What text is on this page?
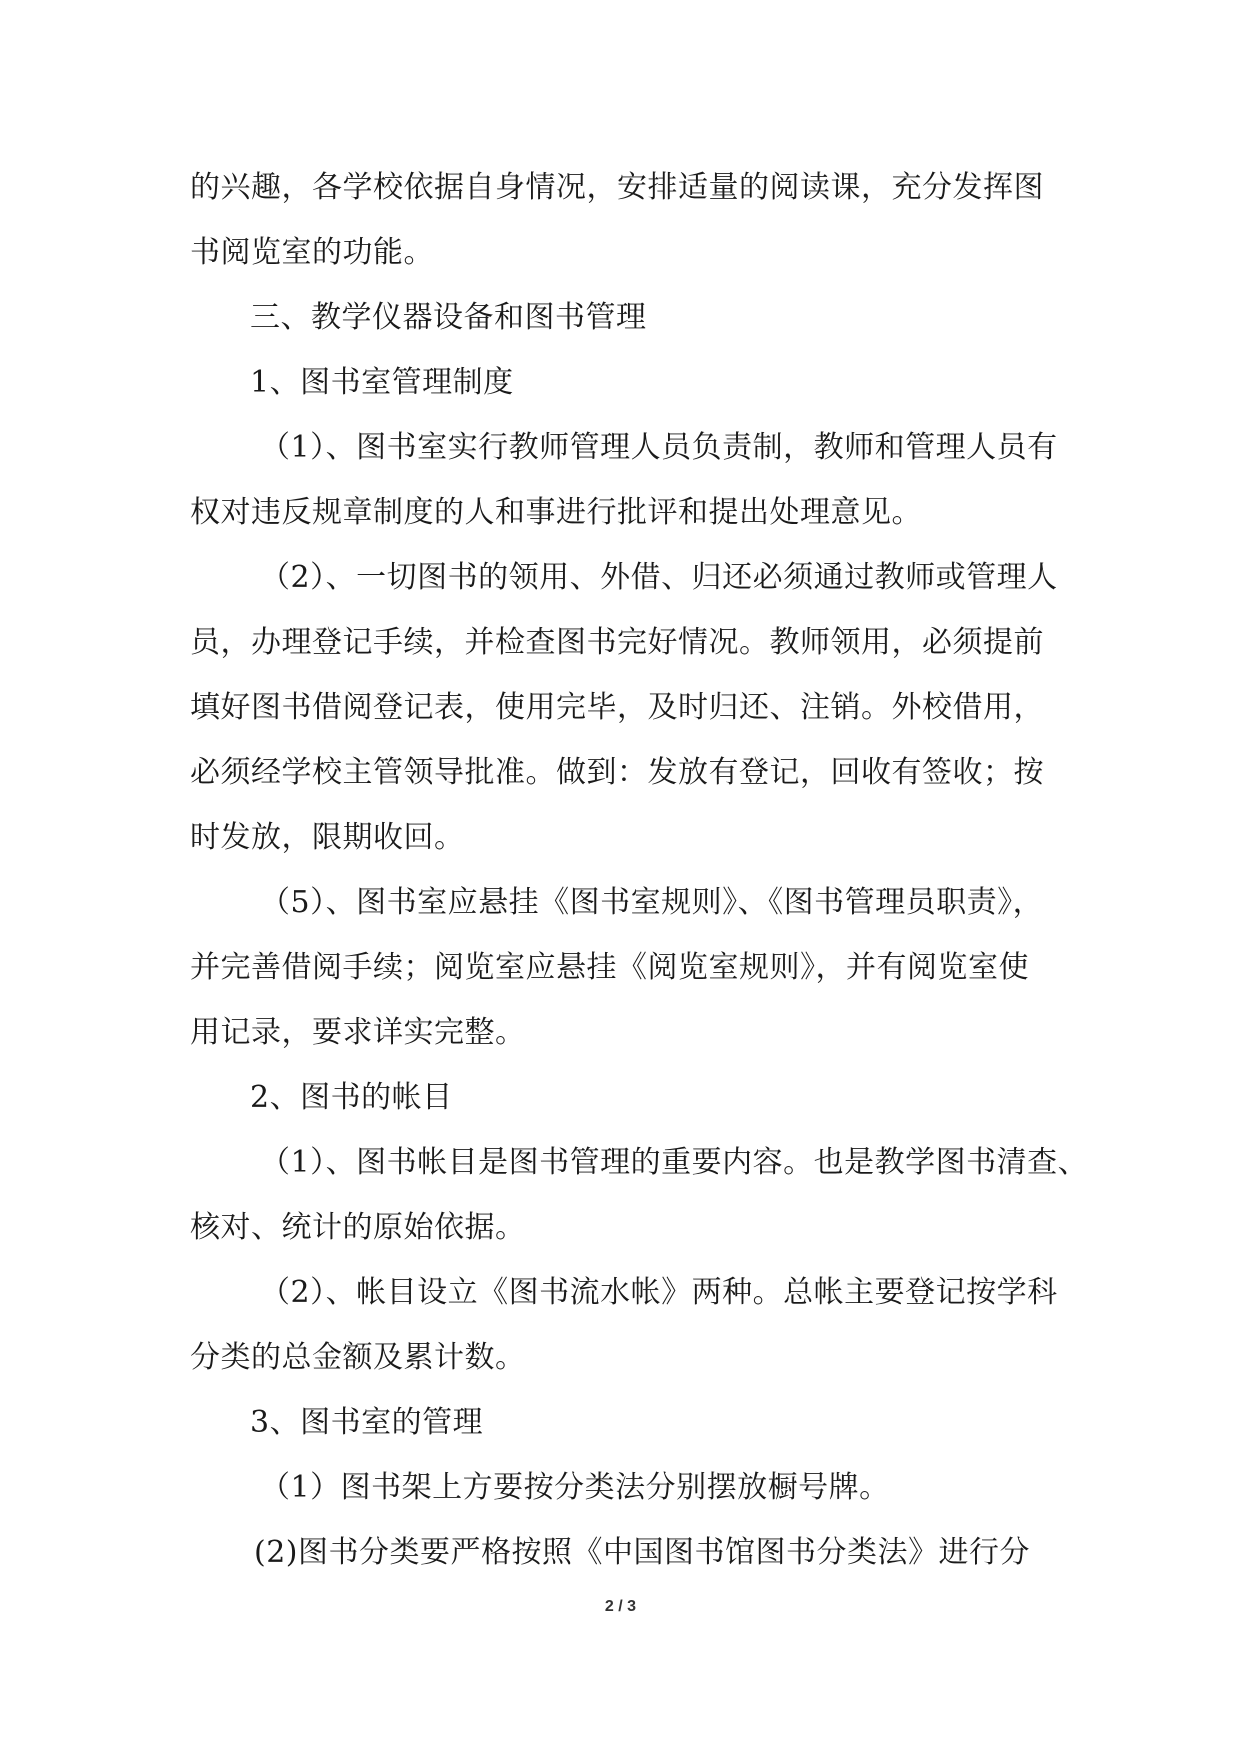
的兴趣，各学校依据自身情况，安排适量的阅读课，充分发挥图
书阅览室的功能。
三、教学仪器设备和图书管理
1、图书室管理制度
（1）、图书室实行教师管理人员负责制，教师和管理人员有
权对违反规章制度的人和事进行批评和提出处理意见。
（2）、一切图书的领用、外借、归还必须通过教师或管理人
员，办理登记手续，并检查图书完好情况。教师领用，必须提前
填好图书借阅登记表，使用完毕，及时归还、注销。外校借用，
必须经学校主管领导批准。做到：发放有登记，回收有签收；按
时发放，限期收回。
（5）、图书室应悬挂《图书室规则》、《图书管理员职责》，
并完善借阅手续；阅览室应悬挂《阅览室规则》，并有阅览室使
用记录，要求详实完整。
2、图书的帐目
（1）、图书帐目是图书管理的重要内容。也是教学图书清查、
核对、统计的原始依据。
（2）、帐目设立《图书流水帐》两种。总帐主要登记按学科
分类的总金额及累计数。
3、图书室的管理
（1）图书架上方要按分类法分别摆放橱号牌。
(2)图书分类要严格按照《中国图书馆图书分类法》进行分
2 / 3
